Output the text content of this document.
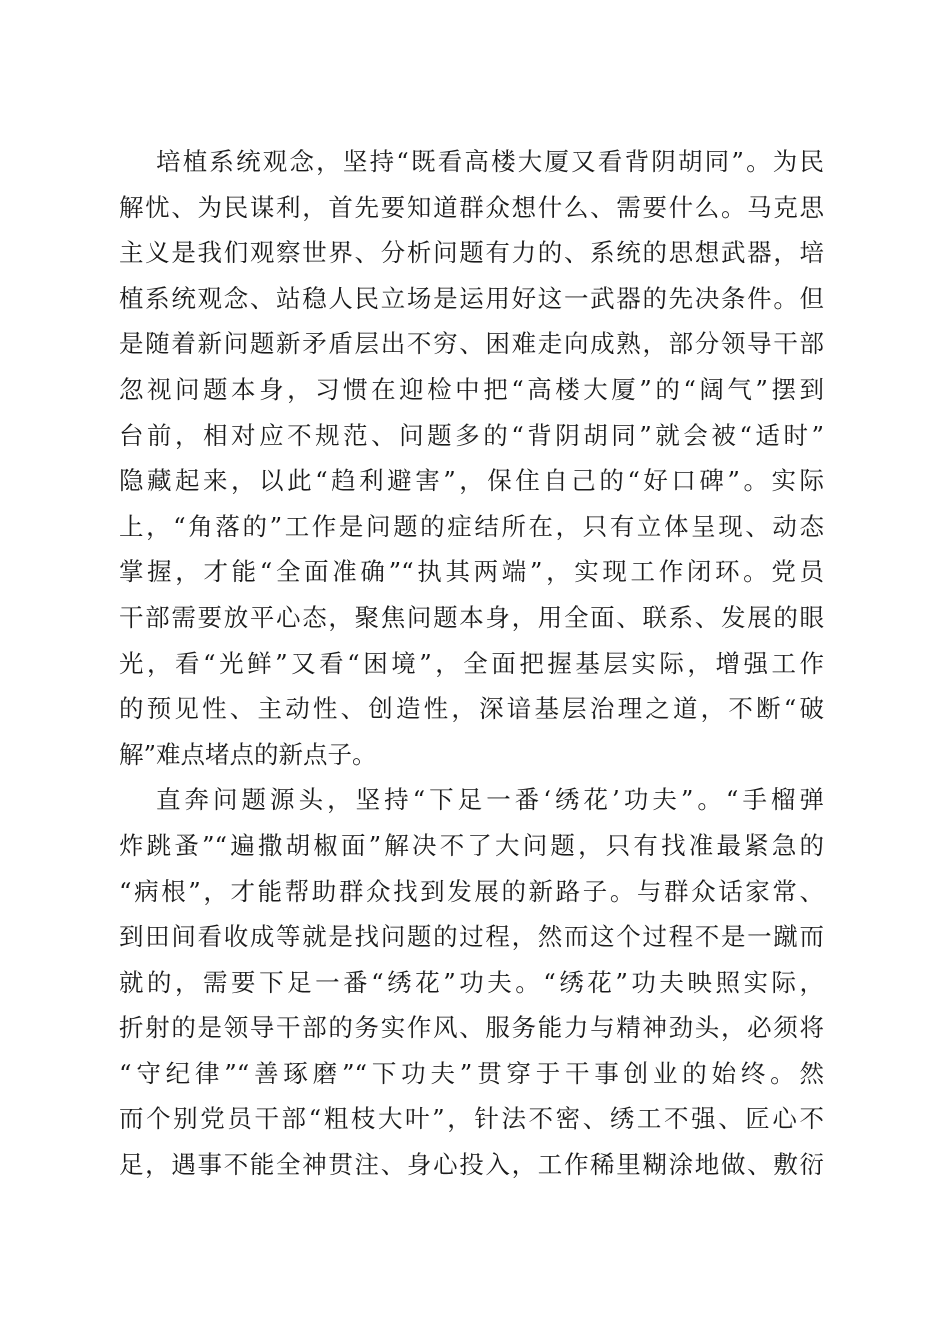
培植系统观念，坚持“既看高楼大厦又看背阴胡同”。为民
解忧、为民谋利，首先要知道群众想什么、需要什么。马克思
主义是我们观察世界、分析问题有力的、系统的思想武器，培
植系统观念、站稳人民立场是运用好这一武器的先决条件。但
是随着新问题新矛盾层出不穷、困难走向成熟，部分领导干部
忽视问题本身，习惯在迎检中把“高楼大厦”的“阔气”摆到
台前，相对应不规范、问题多的“背阴胡同”就会被“适时”
隐藏起来，以此“趋利避害”，保住自己的“好口碑”。实际
上，“角落的”工作是问题的症结所在，只有立体呈现、动态
掌握，才能“全面准确”“执其两端”，实现工作闭环。党员
干部需要放平心态，聚焦问题本身，用全面、联系、发展的眼
光，看“光鲜”又看“困境”，全面把握基层实际，增强工作
的预见性、主动性、创造性，深谙基层治理之道，不断“破
解”难点堵点的新点子。
直奔问题源头，坚持“下足一番‘绣花’功夫”。“手榴弹
炸跳蚤”“遍撒胡椒面”解决不了大问题，只有找准最紧急的
“病根”，才能帮助群众找到发展的新路子。与群众话家常、
到田间看收成等就是找问题的过程，然而这个过程不是一蹴而
就的，需要下足一番“绣花”功夫。“绣花”功夫映照实际，
折射的是领导干部的务实作风、服务能力与精神劲头，必须将
“守纪律”“善琢磨”“下功夫”贯穿于干事创业的始终。然
而个别党员干部“粗枝大叶”，针法不密、绣工不强、匠心不
足，遇事不能全神贯注、身心投入，工作稀里糊涂地做、敷衍
